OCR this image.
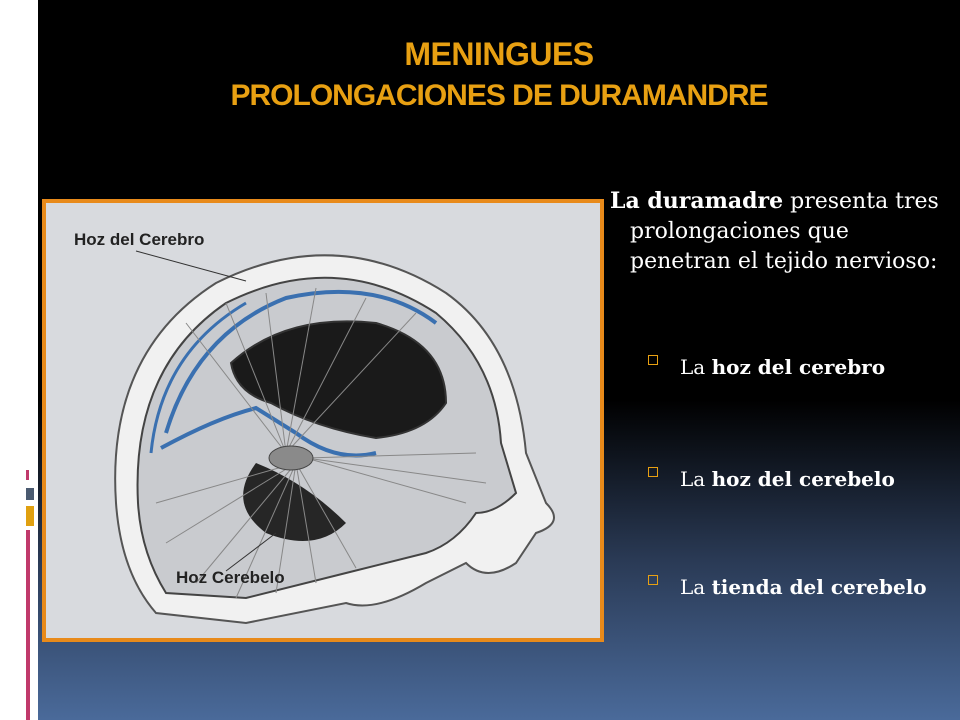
MENINGUES
PROLONGACIONES DE DURAMANDRE
Hoz del Cerebro
Hoz Cerebelo

La duramadre presenta tres prolongaciones que penetran el tejido nervioso:

La hoz del cerebro
La hoz del cerebelo
La tienda del cerebelo
